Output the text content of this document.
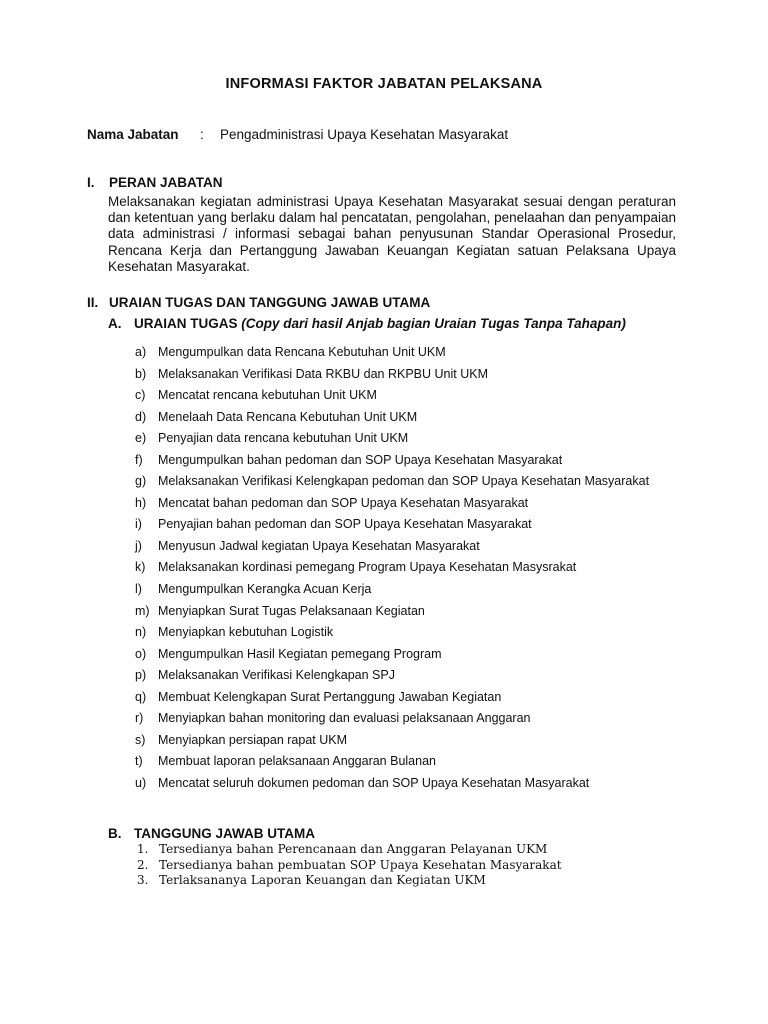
INFORMASI FAKTOR JABATAN PELAKSANA
Nama Jabatan : Pengadministrasi Upaya Kesehatan Masyarakat
I. PERAN JABATAN
Melaksanakan kegiatan administrasi Upaya Kesehatan Masyarakat sesuai dengan peraturan dan ketentuan yang berlaku dalam hal pencatatan, pengolahan, penelaahan dan penyampaian data administrasi / informasi sebagai bahan penyusunan Standar Operasional Prosedur, Rencana Kerja dan Pertanggung Jawaban Keuangan Kegiatan satuan Pelaksana Upaya Kesehatan Masyarakat.
II. URAIAN TUGAS DAN TANGGUNG JAWAB UTAMA
A. URAIAN TUGAS (Copy dari hasil Anjab bagian Uraian Tugas Tanpa Tahapan)
a) Mengumpulkan data Rencana Kebutuhan Unit UKM
b) Melaksanakan Verifikasi Data RKBU dan RKPBU Unit UKM
c)	Mencatat rencana kebutuhan Unit UKM
d) Menelaah Data Rencana Kebutuhan Unit UKM
e) Penyajian data rencana kebutuhan Unit UKM
f)	Mengumpulkan bahan pedoman dan SOP Upaya Kesehatan Masyarakat
g) Melaksanakan Verifikasi Kelengkapan pedoman dan SOP Upaya Kesehatan Masyarakat
h) Mencatat bahan pedoman dan SOP Upaya Kesehatan Masyarakat
i)	Penyajian bahan pedoman dan SOP Upaya Kesehatan Masyarakat
j)	Menyusun Jadwal kegiatan Upaya Kesehatan Masyarakat
k)	Melaksanakan kordinasi pemegang Program Upaya Kesehatan Masysrakat
l)	Mengumpulkan Kerangka Acuan Kerja
m) Menyiapkan Surat Tugas Pelaksanaan Kegiatan
n) Menyiapkan kebutuhan Logistik
o) Mengumpulkan Hasil Kegiatan pemegang Program
p) Melaksanakan Verifikasi Kelengkapan SPJ
q) Membuat Kelengkapan Surat Pertanggung Jawaban Kegiatan
r)	Menyiapkan bahan monitoring dan evaluasi pelaksanaan Anggaran
s)	Menyiapkan persiapan rapat UKM
t)	Membuat laporan pelaksanaan Anggaran Bulanan
u) Mencatat seluruh dokumen pedoman dan SOP Upaya Kesehatan Masyarakat
B. TANGGUNG JAWAB UTAMA
1. Tersedianya bahan Perencanaan dan Anggaran Pelayanan UKM
2. Tersedianya bahan pembuatan SOP Upaya Kesehatan Masyarakat
3. Terlaksananya Laporan Keuangan dan Kegiatan UKM
